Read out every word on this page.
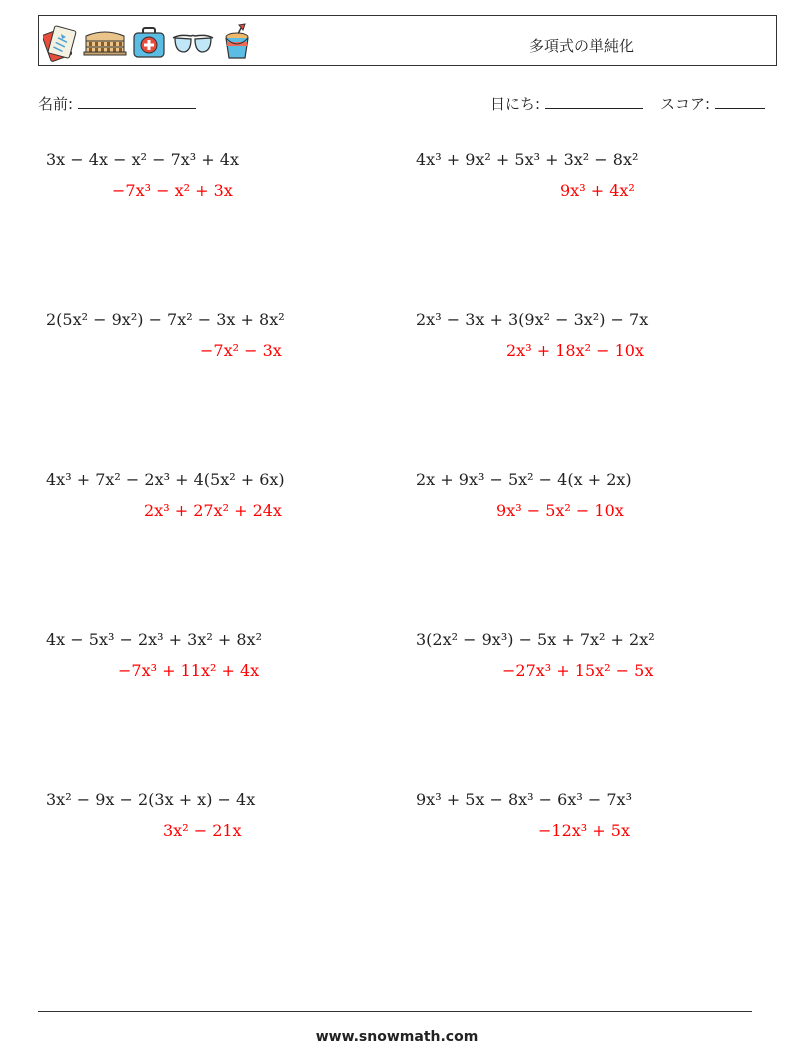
多項式の単純化
名前:	日にち:	スコア:
3x − 4x − x² − 7x³ + 4x
−7x³ − x² + 3x
4x³ + 9x² + 5x³ + 3x² − 8x²
9x³ + 4x²
2(5x² − 9x²) − 7x² − 3x + 8x²
−7x² − 3x
2x³ − 3x + 3(9x² − 3x²) − 7x
2x³ + 18x² − 10x
4x³ + 7x² − 2x³ + 4(5x² + 6x)
2x³ + 27x² + 24x
2x + 9x³ − 5x² − 4(x + 2x)
9x³ − 5x² − 10x
4x − 5x³ − 2x³ + 3x² + 8x²
−7x³ + 11x² + 4x
3(2x² − 9x³) − 5x + 7x² + 2x²
−27x³ + 15x² − 5x
3x² − 9x − 2(3x + x) − 4x
3x² − 21x
9x³ + 5x − 8x³ − 6x³ − 7x³
−12x³ + 5x
www.snowmath.com
